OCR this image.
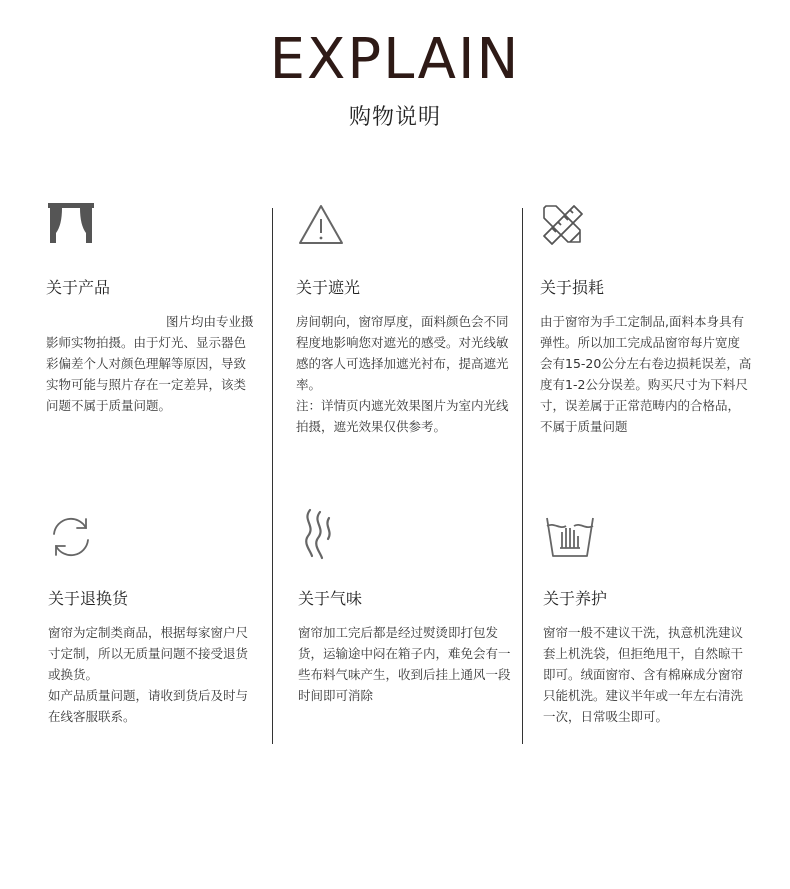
EXPLAIN
购物说明
关于产品

图片均由专业摄影师实物拍摄。由于灯光、显示器色彩偏差个人对颜色理解等原因，导致实物可能与照片存在一定差异，该类问题不属于质量问题。

关于遮光

房间朝向，窗帘厚度，面料颜色会不同程度地影响您对遮光的感受。对光线敏感的客人可选择加遮光衬布，提高遮光率。

注：详情页内遮光效果图片为室内光线拍摄，遮光效果仅供参考。

关于损耗

由于窗帘为手工定制品,面料本身具有弹性。所以加工完成品窗帘每片宽度会有15-20公分左右卷边损耗误差，高度有1-2公分误差。购买尺寸为下料尺寸，误差属于正常范畴内的合格品，不属于质量问题

关于退换货

窗帘为定制类商品，根据每家窗户尺寸定制，所以无质量问题不接受退货或换货。

如产品质量问题，请收到货后及时与在线客服联系。

关于气味

窗帘加工完后都是经过熨烫即打包发货，运输途中闷在箱子内，难免会有一些布料气味产生，收到后挂上通风一段时间即可消除

关于养护

窗帘一般不建议干洗，执意机洗建议套上机洗袋，但拒绝甩干，自然晾干即可。绒面窗帘、含有棉麻成分窗帘只能机洗。建议半年或一年左右清洗一次，日常吸尘即可。
